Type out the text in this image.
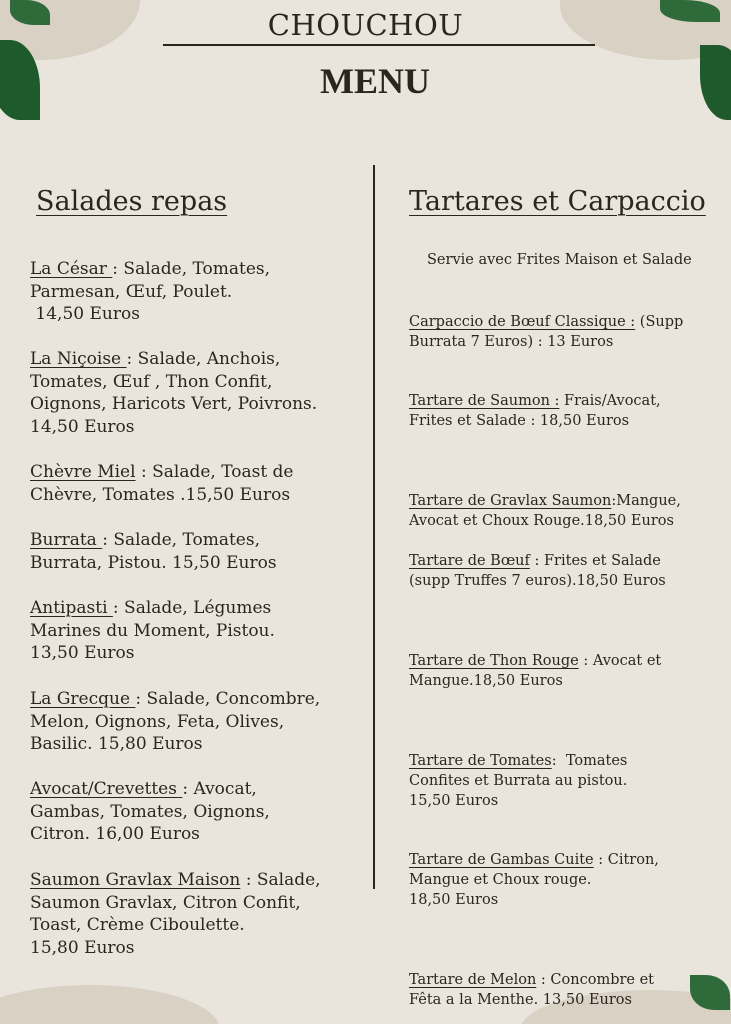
CHOUCHOU
MENU
Salades repas	Tartares et Carpaccio
Servie avec Frites Maison et Salade
La César : Salade, Tomates,
Parmesan, Œuf, Poulet.
14,50 Euros
La Niçoise : Salade, Anchois,
Tomates, Œuf , Thon Confit,
Oignons, Haricots Vert, Poivrons.
14,50 Euros
Chèvre Miel : Salade, Toast de
Chèvre, Tomates .15,50 Euros
Burrata : Salade, Tomates,
Burrata, Pistou. 15,50 Euros
Antipasti : Salade, Légumes
Marines du Moment, Pistou.
13,50 Euros
La Grecque : Salade, Concombre,
Melon, Oignons, Feta, Olives,
Basilic. 15,80 Euros
Avocat/Crevettes : Avocat,
Gambas, Tomates, Oignons,
Citron. 16,00 Euros
Saumon Gravlax Maison : Salade,
Saumon Gravlax, Citron Confit,
Toast, Crème Ciboulette.
15,80 Euros
Carpaccio de Bœuf Classique : (Supp
Burrata 7 Euros) : 13 Euros
Tartare de Saumon : Frais/Avocat,
Frites et Salade : 18,50 Euros
Tartare de Gravlax Saumon:Mangue,
Avocat et Choux Rouge.18,50 Euros
Tartare de Bœuf : Frites et Salade
(supp Truffes 7 euros).18,50 Euros
Tartare de Thon Rouge : Avocat et
Mangue.18,50 Euros
Tartare de Tomates:  Tomates
Confites et Burrata au pistou.
15,50 Euros
Tartare de Gambas Cuite : Citron,
Mangue et Choux rouge.
18,50 Euros
Tartare de Melon : Concombre et
Fêta a la Menthe. 13,50 Euros
